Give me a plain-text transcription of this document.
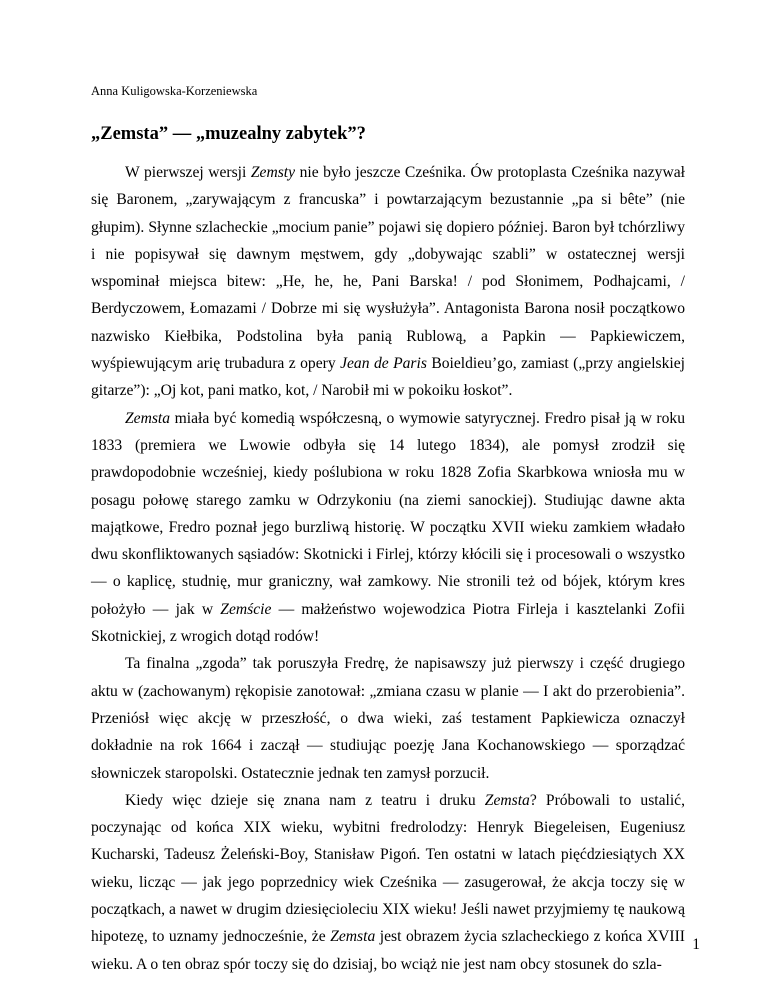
Anna Kuligowska-Korzeniewska
„Zemsta” — „muzealny zabytek”?

W pierwszej wersji Zemsty nie było jeszcze Cześnika. Ów protoplasta Cześnika nazywał się Baronem, „zarywającym z francuska” i powtarzającym bezustannie „pa si bête” (nie głupim). Słynne szlacheckie „mocium panie” pojawi się dopiero później. Baron był tchórzliwy i nie popisywał się dawnym męstwem, gdy „dobywając szabli” w ostatecznej wersji wspominał miejsca bitew: „He, he, he, Pani Barska! / pod Słonimem, Podhajcami, / Berdyczowem, Łomazami / Dobrze mi się wysłużyła”. Antagonista Barona nosił początkowo nazwisko Kiełbika, Podstolina była panią Rublową, a Papkin — Papkiewiczem, wyśpiewującym arię trubadura z opery Jean de Paris Boieldieu’go, zamiast („przy angielskiej gitarze”): „Oj kot, pani matko, kot, / Narobił mi w pokoiku łoskot”.

Zemsta miała być komedią współczesną, o wymowie satyrycznej. Fredro pisał ją w roku 1833 (premiera we Lwowie odbyła się 14 lutego 1834), ale pomysł zrodził się prawdopodobnie wcześniej, kiedy poślubiona w roku 1828 Zofia Skarbkowa wniosła mu w posagu połowę starego zamku w Odrzykoniu (na ziemi sanockiej). Studiując dawne akta majątkowe, Fredro poznał jego burzliwą historię. W początku XVII wieku zamkiem władało dwu skonfliktowanych sąsiadów: Skotnicki i Firlej, którzy kłócili się i procesowali o wszystko — o kaplicę, studnię, mur graniczny, wał zamkowy. Nie stronili też od bójek, którym kres położyło — jak w Zemście — małżeństwo wojewodzica Piotra Firleja i kasztelanki Zofii Skotnickiej, z wrogich dotąd rodów!

Ta finalna „zgoda” tak poruszyła Fredrę, że napisawszy już pierwszy i część drugiego aktu w (zachowanym) rękopisie zanotował: „zmiana czasu w planie — I akt do przerobienia”. Przeniósł więc akcję w przeszłość, o dwa wieki, zaś testament Papkiewicza oznaczył dokładnie na rok 1664 i zaczął — studiując poezję Jana Kochanowskiego — sporządzać słowniczek staropolski. Ostatecznie jednak ten zamysł porzucił.

Kiedy więc dzieje się znana nam z teatru i druku Zemsta? Próbowali to ustalić, poczynając od końca XIX wieku, wybitni fredrolodzy: Henryk Biegeleisen, Eugeniusz Kucharski, Tadeusz Żeleński-Boy, Stanisław Pigoń. Ten ostatni w latach pięćdziesiątych XX wieku, licząc — jak jego poprzednicy wiek Cześnika — zasugerował, że akcja toczy się w początkach, a nawet w drugim dziesięcioleciu XIX wieku! Jeśli nawet przyjmiemy tę naukową hipotezę, to uznamy jednocześnie, że Zemsta jest obrazem życia szlacheckiego z końca XVIII wieku. A o ten obraz spór toczy się do dzisiaj, bo wciąż nie jest nam obcy stosunek do szla-

1
